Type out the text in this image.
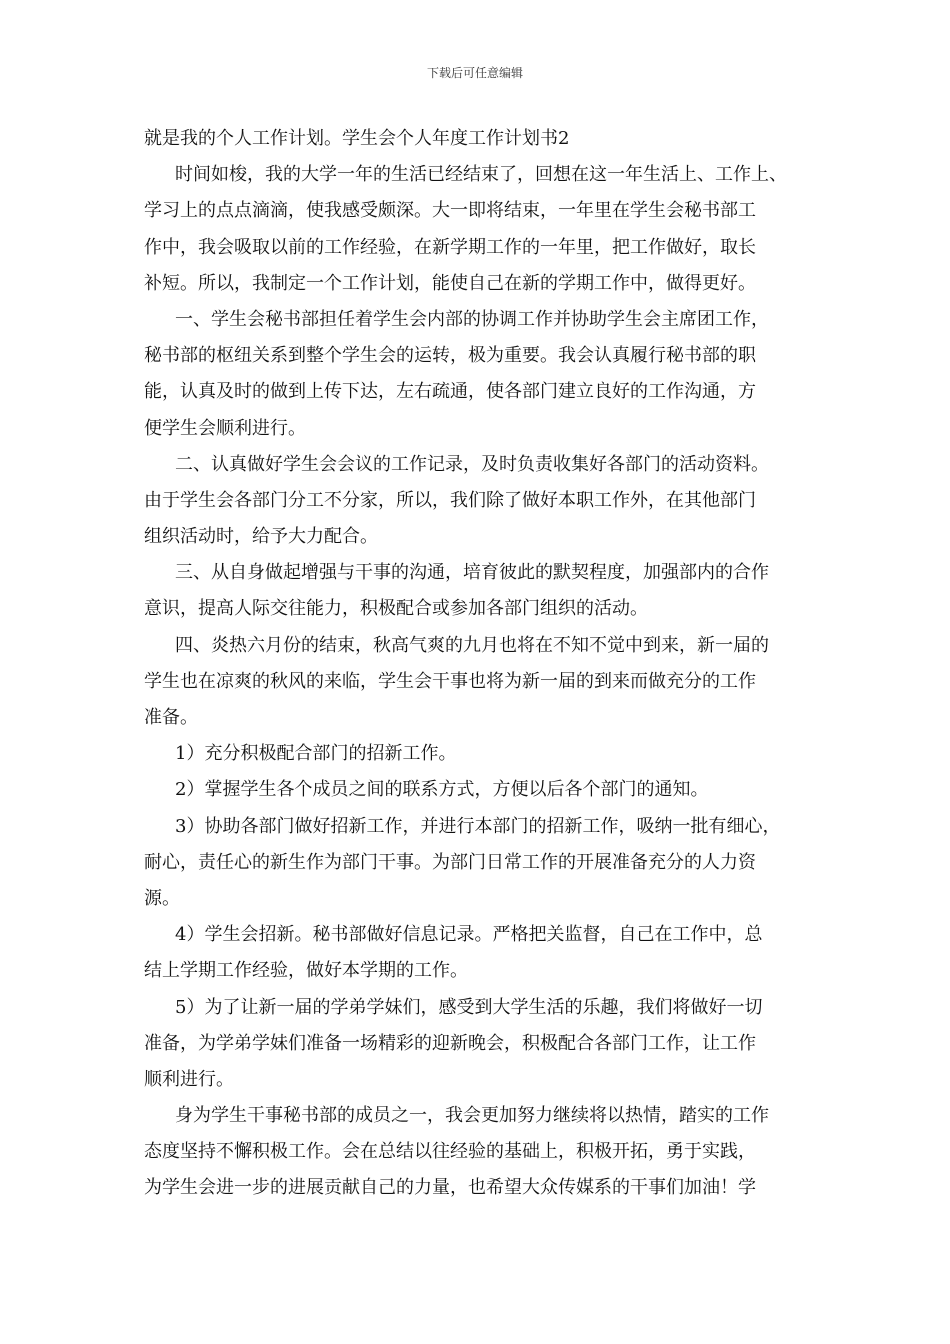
下载后可任意编辑
就是我的个人工作计划。学生会个人年度工作计划书2
时间如梭，我的大学一年的生活已经结束了，回想在这一年生活上、工作上、
学习上的点点滴滴，使我感受颇深。大一即将结束，一年里在学生会秘书部工
作中，我会吸取以前的工作经验，在新学期工作的一年里，把工作做好，取长
补短。所以，我制定一个工作计划，能使自己在新的学期工作中，做得更好。
一、学生会秘书部担任着学生会内部的协调工作并协助学生会主席团工作，
秘书部的枢纽关系到整个学生会的运转，极为重要。我会认真履行秘书部的职
能，认真及时的做到上传下达，左右疏通，使各部门建立良好的工作沟通，方
便学生会顺利进行。
二、认真做好学生会会议的工作记录，及时负责收集好各部门的活动资料。
由于学生会各部门分工不分家，所以，我们除了做好本职工作外，在其他部门
组织活动时，给予大力配合。
三、从自身做起增强与干事的沟通，培育彼此的默契程度，加强部内的合作
意识，提高人际交往能力，积极配合或参加各部门组织的活动。
四、炎热六月份的结束，秋高气爽的九月也将在不知不觉中到来，新一届的
学生也在凉爽的秋风的来临，学生会干事也将为新一届的到来而做充分的工作
准备。
1）充分积极配合部门的招新工作。
2）掌握学生各个成员之间的联系方式，方便以后各个部门的通知。
3）协助各部门做好招新工作，并进行本部门的招新工作，吸纳一批有细心，
耐心，责任心的新生作为部门干事。为部门日常工作的开展准备充分的人力资
源。
4）学生会招新。秘书部做好信息记录。严格把关监督，自己在工作中，总
结上学期工作经验，做好本学期的工作。
5）为了让新一届的学弟学妹们，感受到大学生活的乐趣，我们将做好一切
准备，为学弟学妹们准备一场精彩的迎新晚会，积极配合各部门工作，让工作
顺利进行。
身为学生干事秘书部的成员之一，我会更加努力继续将以热情，踏实的工作
态度坚持不懈积极工作。会在总结以往经验的基础上，积极开拓，勇于实践，
为学生会进一步的进展贡献自己的力量，也希望大众传媒系的干事们加油！学
